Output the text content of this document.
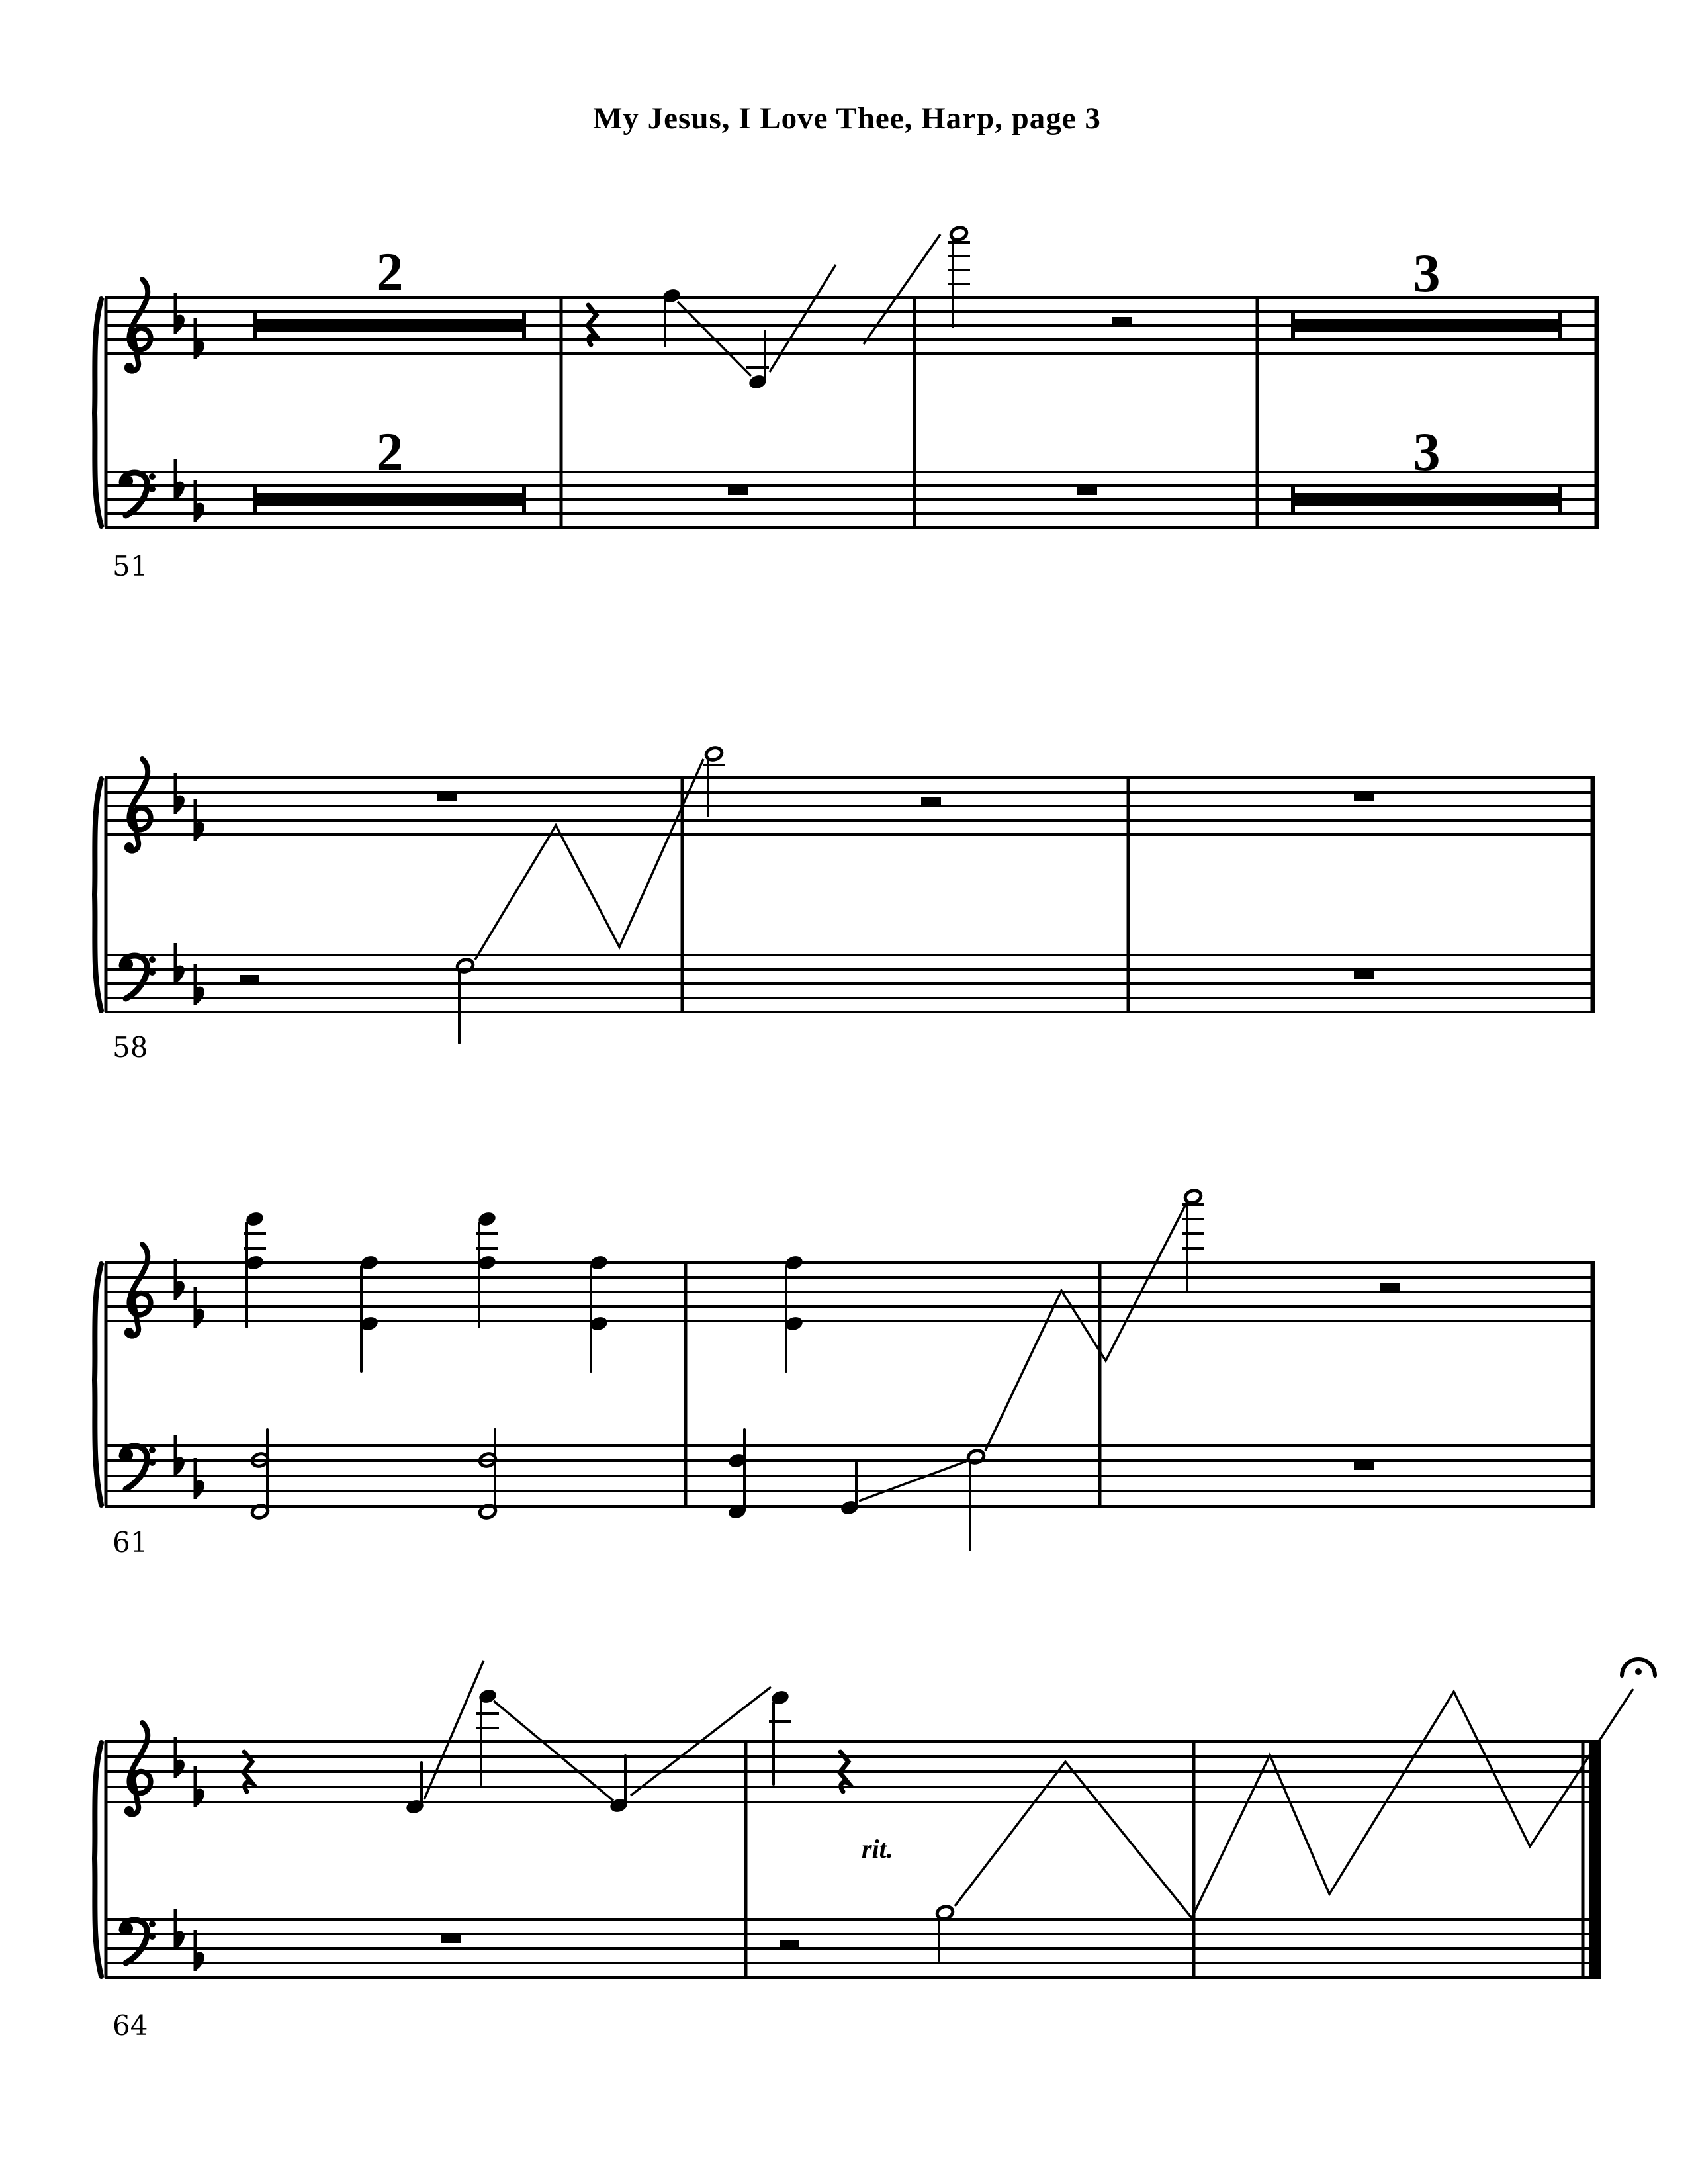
My Jesus, I Love Thee, Harp, page 3
2
2
3
3
51
58
61
rit.
64
